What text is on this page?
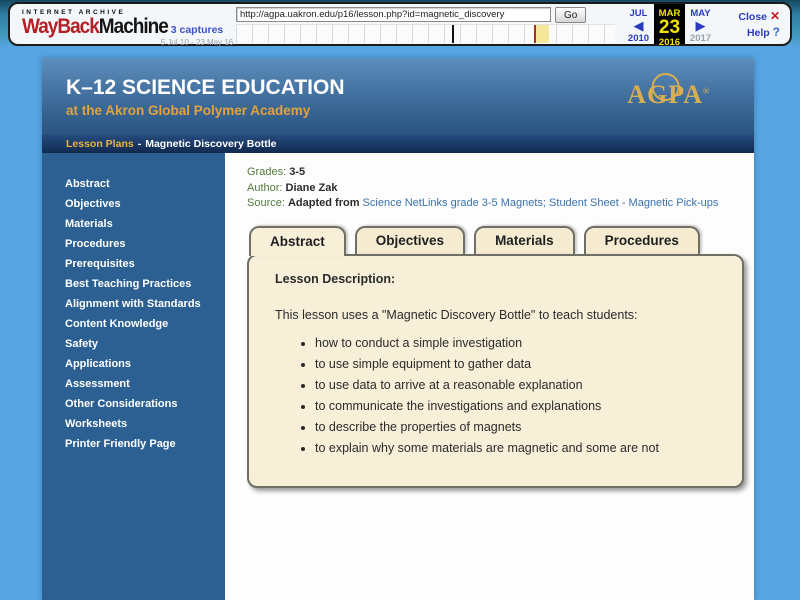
INTERNET ARCHIVE
WayBackMachine 3 captures
5 Jul 10 - 23 May 16
http://agpa.uakron.edu/p16/lesson.php?id=magnetic_discovery
Go	JUL
◀
2010
MAR
23
2016
MAY
▶
2017
Close ✕
Help ?
K–12 SCIENCE EDUCATION
at the Akron Global Polymer Academy
AGPA®
Lesson Plans - Magnetic Discovery Bottle
Abstract
Objectives
Materials
Procedures
Prerequisites
Best Teaching Practices
Alignment with Standards
Content Knowledge
Safety
Applications
Assessment
Other Considerations
Worksheets
Printer Friendly Page
Grades: 3-5
Author: Diane Zak
Source: Adapted from Science NetLinks grade 3-5 Magnets; Student Sheet - Magnetic Pick-ups
Abstract	Objectives	Materials	Procedures
Lesson Description:
This lesson uses a "Magnetic Discovery Bottle" to teach students:
• how to conduct a simple investigation
• to use simple equipment to gather data
• to use data to arrive at a reasonable explanation
• to communicate the investigations and explanations
• to describe the properties of magnets
• to explain why some materials are magnetic and some are not
